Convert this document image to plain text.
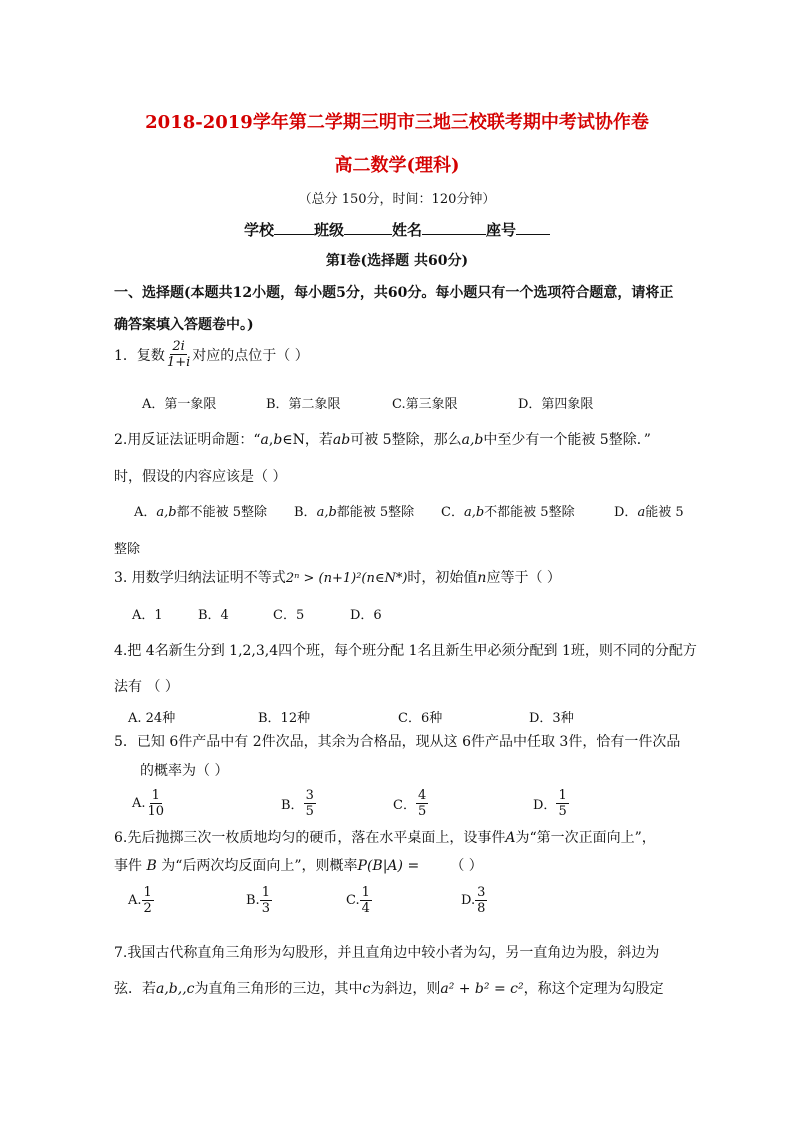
2018-2019学年第二学期三明市三地三校联考期中考试协作卷
高二数学(理科)
（总分 150分，时间：120分钟）
学校	班级	姓名	座号
第Ⅰ卷(选择题 共60分)
一、选择题(本题共12小题，每小题5分，共60分。每小题只有一个选项符合题意，请将正
确答案填入答题卷中。)
1．复数 $\frac{2i}{1+i}$ 对应的点位于（ ）
A．第一象限	B．第二象限	C.第三象限	D．第四象限
2.用反证法证明命题：“a,b∈N，若ab可被 5整除，那么a,b中至少有一个能被 5整除．”
时，假设的内容应该是（ ）
A．a,b都不能被 5整除 B．a,b都能被 5整除 C．a,b不都能被 5整除	D．a能被 5
整除
3. 用数学归纳法证明不等式2ⁿ > (n+1)²(n∈N*)时，初始值n应等于（ ）
A．1	B．4	C．5	D．6
4.把 4名新生分到 1,2,3,4四个班，每个班分配 1名且新生甲必须分配到 1班，则不同的分配方
法有 （ ）
A. 24种	B．12种	C．6种	D．3种
5．已知 6件产品中有 2件次品，其余为合格品，现从这 6件产品中任取 3件，恰有一件次品
的概率为（ ）
A. $\frac{1}{10}$	B． $\frac{3}{5}$	C． $\frac{4}{5}$	D． $\frac{1}{5}$
6.先后抛掷三次一枚质地均匀的硬币，落在水平桌面上，设事件A为“第一次正面向上”，
事件 B 为“后两次均反面向上”，则概率P(B|A) = （ ）
A. $\frac{1}{2}$	B. $\frac{1}{3}$	C. $\frac{1}{4}$	D. $\frac{3}{8}$
7.我国古代称直角三角形为勾股形，并且直角边中较小者为勾，另一直角边为股，斜边为
弦．若a,b,,c为直角三角形的三边，其中c为斜边，则a² + b² = c²，称这个定理为勾股定
